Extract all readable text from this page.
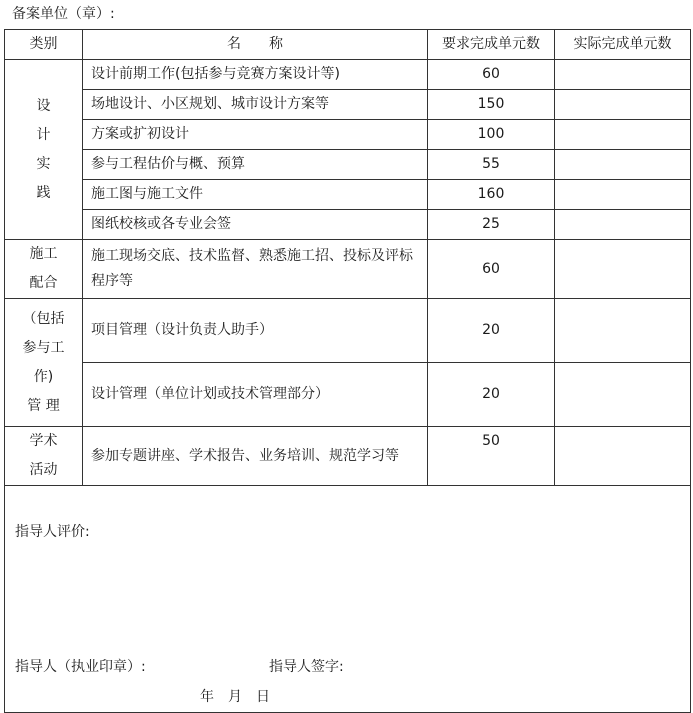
备案单位（章）:
类别	名　　称	要求完成单元数	实际完成单元数

设
计
实
践	设计前期工作(包括参与竞赛方案设计等)	60	
	场地设计、小区规划、城市设计方案等	150	
	方案或扩初设计	100	
	参与工程估价与概、预算	55	
	施工图与施工文件	160	
	图纸校核或各专业会签	25	

施工
配合	施工现场交底、技术监督、熟悉施工招、投标及评标程序等	60	

（包括
参与工
作)
管 理	项目管理（设计负责人助手）	20	
	设计管理（单位计划或技术管理部分）	20	

学术
活动	参加专题讲座、学术报告、业务培训、规范学习等	50	

指导人评价:
指导人（执业印章）: 指导人签字:
年　月　日			
